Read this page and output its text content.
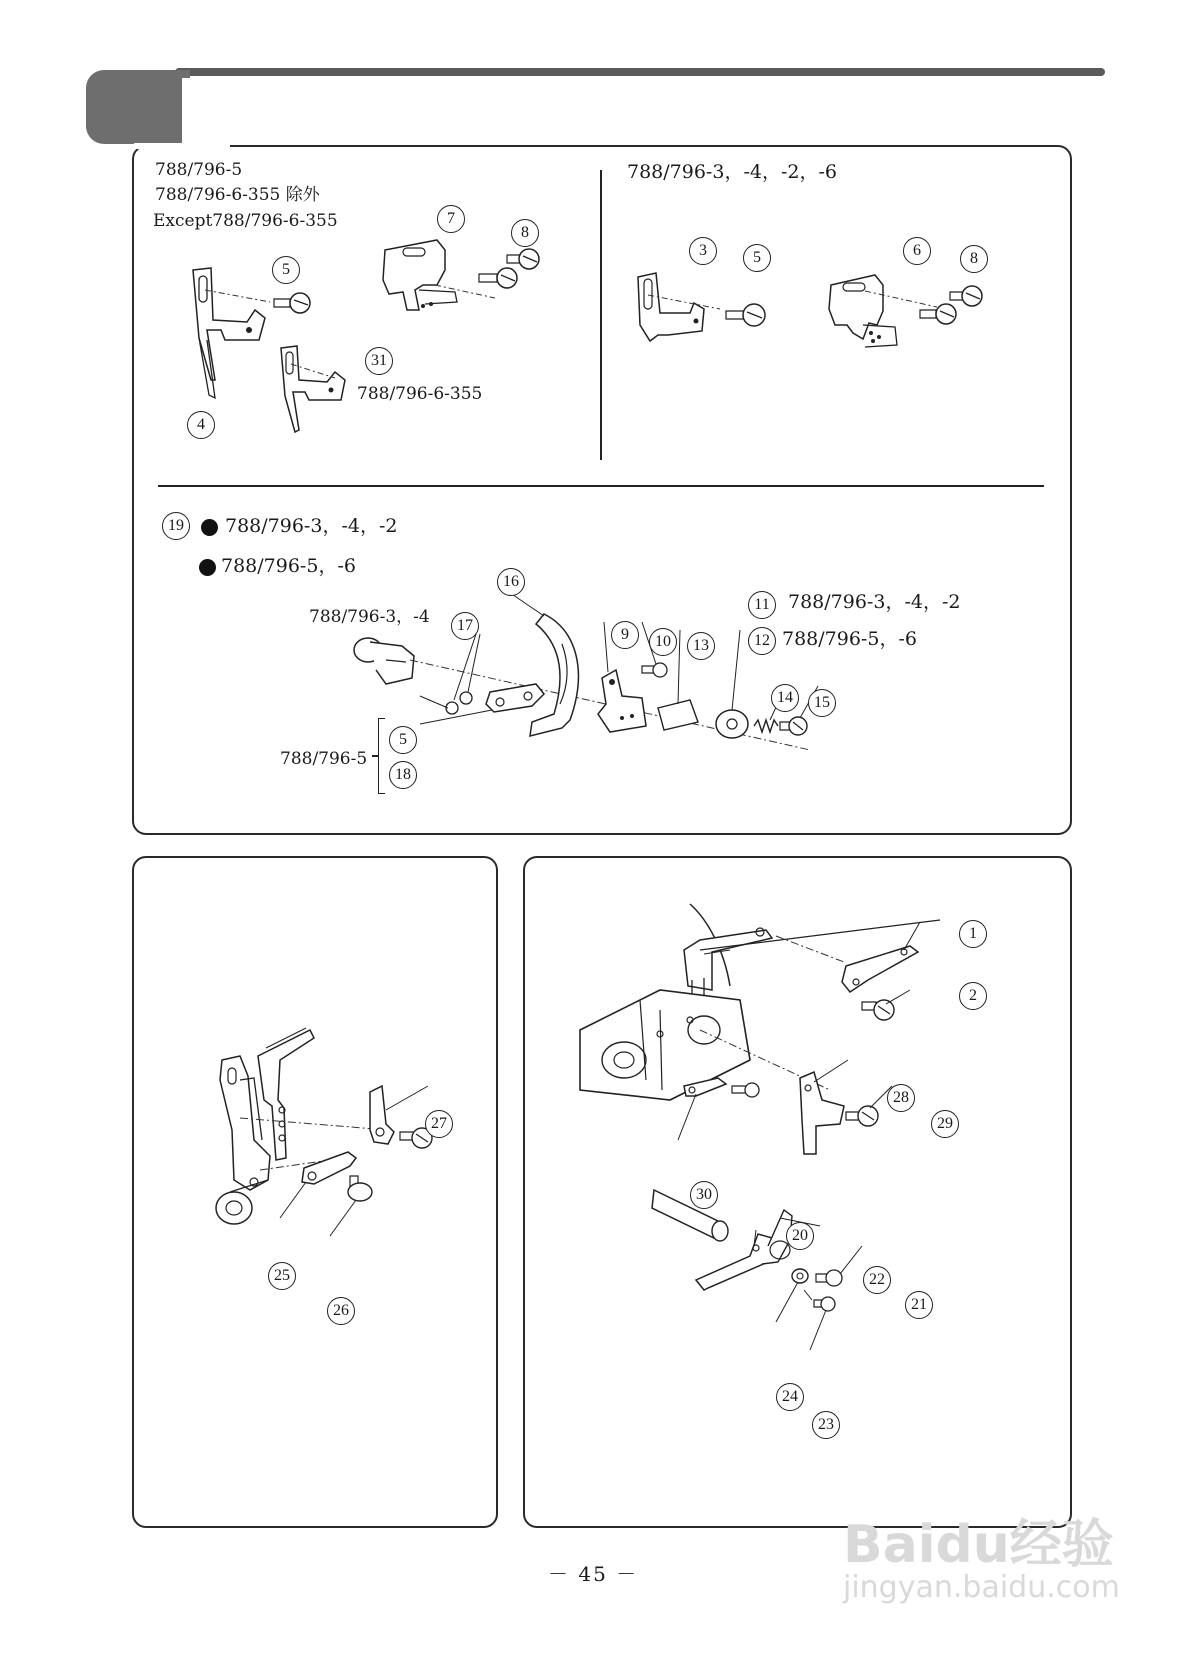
788/796-5
788/796-6-355 除外
Except788/796-6-355
5
4
7
8
31
788/796-6-355
788/796-3，-4，-2，-6
3	5	6	8
19	788/796-3，-4，-2
788/796-5，-6
788/796-3，-4
788/796-5
16
17
9	10	13
11 788/796-3，-4，-2
12 788/796-5，-6
14	15
5
18
27
25
26
1
2
28
29
30
20
22
21
24
23
－ 45 －	Baidu经验
jingyan.baidu.com
